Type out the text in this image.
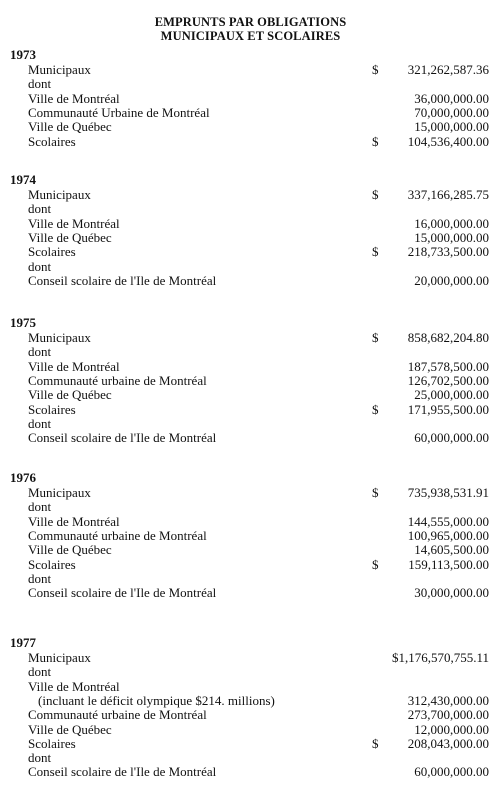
EMPRUNTS PAR OBLIGATIONS
MUNICIPAUX ET SCOLAIRES
1973
Municipaux	$ 321,262,587.36
dont
Ville de Montréal	36,000,000.00
Communauté Urbaine de Montréal	70,000,000.00
Ville de Québec	15,000,000.00
Scolaires	$ 104,536,400.00
1974
Municipaux	$ 337,166,285.75
dont
Ville de Montréal	16,000,000.00
Ville de Québec	15,000,000.00
Scolaires	$ 218,733,500.00
dont
Conseil scolaire de l'Ile de Montréal	20,000,000.00
1975
Municipaux	$ 858,682,204.80
dont
Ville de Montréal	187,578,500.00
Communauté urbaine de Montréal	126,702,500.00
Ville de Québec	25,000,000.00
Scolaires	$ 171,955,500.00
dont
Conseil scolaire de l'Ile de Montréal	60,000,000.00
1976
Municipaux	$ 735,938,531.91
dont
Ville de Montréal	144,555,000.00
Communauté urbaine de Montréal	100,965,000.00
Ville de Québec	14,605,500.00
Scolaires	$ 159,113,500.00
dont
Conseil scolaire de l'Ile de Montréal	30,000,000.00
1977
Municipaux	$1,176,570,755.11
dont
Ville de Montréal
(incluant le déficit olympique $214. millions)	312,430,000.00
Communauté urbaine de Montréal	273,700,000.00
Ville de Québec	12,000,000.00
Scolaires	$ 208,043,000.00
dont
Conseil scolaire de l'Ile de Montréal	60,000,000.00
